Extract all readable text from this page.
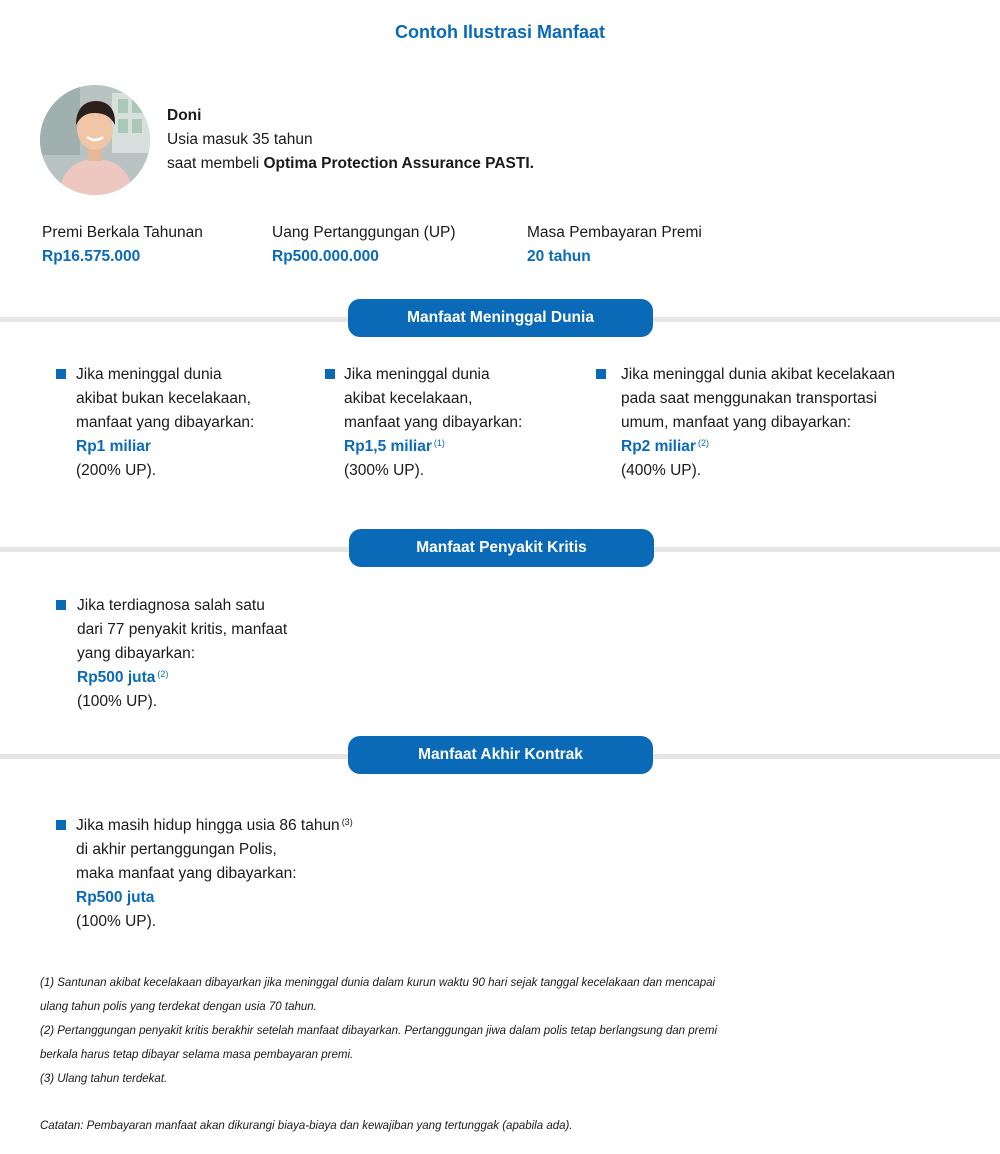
Contoh Ilustrasi Manfaat
Doni
Usia masuk 35 tahun
saat membeli Optima Protection Assurance PASTI.
Premi Berkala Tahunan
Rp16.575.000
Uang Pertanggungan (UP)
Rp500.000.000
Masa Pembayaran Premi
20 tahun
Manfaat Meninggal Dunia
Jika meninggal dunia
akibat bukan kecelakaan,
manfaat yang dibayarkan:
Rp1 miliar
(200% UP).
Jika meninggal dunia
akibat kecelakaan,
manfaat yang dibayarkan:
Rp1,5 miliar $^{(1)}$
(300% UP).
Jika meninggal dunia akibat kecelakaan
pada saat menggunakan transportasi
umum, manfaat yang dibayarkan:
Rp2 miliar $^{(2)}$
(400% UP).
Manfaat Penyakit Kritis
Jika terdiagnosa salah satu
dari 77 penyakit kritis, manfaat
yang dibayarkan:
Rp500 juta $^{(2)}$
(100% UP).
Manfaat Akhir Kontrak
Jika masih hidup hingga usia 86 tahun $^{(3)}$
di akhir pertanggungan Polis,
maka manfaat yang dibayarkan:
Rp500 juta
(100% UP).
(1) Santunan akibat kecelakaan dibayarkan jika meninggal dunia dalam kurun waktu 90 hari sejak tanggal kecelakaan dan mencapai
ulang tahun polis yang terdekat dengan usia 70 tahun.
(2) Pertanggungan penyakit kritis berakhir setelah manfaat dibayarkan. Pertanggungan jiwa dalam polis tetap berlangsung dan premi
berkala harus tetap dibayar selama masa pembayaran premi.
(3) Ulang tahun terdekat.
Catatan: Pembayaran manfaat akan dikurangi biaya-biaya dan kewajiban yang tertunggak (apabila ada).
